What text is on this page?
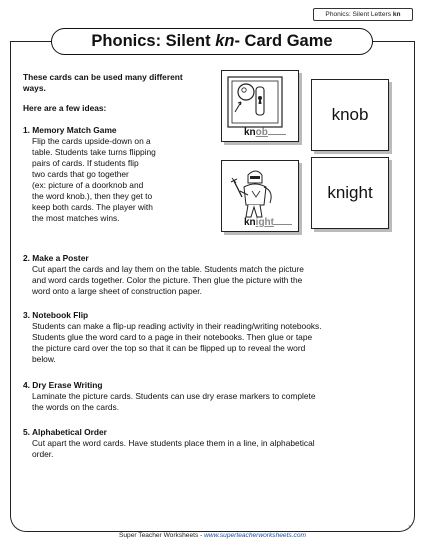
Phonics: Silent Letters kn
Phonics: Silent kn- Card Game
These cards can be used many different ways.
Here are a few ideas:
1. Memory Match Game
Flip the cards upside-down on a
table. Students take turns flipping
pairs of cards. If students flip
two cards that go together
(ex: picture of a doorknob and
the word knob.), then they get to
keep both cards. The player with
the most matches wins.
2. Make a Poster
Cut apart the cards and lay them on the table. Students match the picture
and word cards together. Color the picture. Then glue the picture with the
word onto a large sheet of construction paper.
3. Notebook Flip
Students can make a flip-up reading activity in their reading/writing notebooks.
Students glue the word card to a page in their notebooks. Then glue or tape
the picture card over the top so that it can be flipped up to reveal the word
below.
4. Dry Erase Writing
Laminate the picture cards. Students can use dry erase markers to complete
the words on the cards.
5. Alphabetical Order
Cut apart the word cards. Have students place them in a line, in alphabetical
order.
knob
knob
knight
knight
1
Super Teacher Worksheets - www.superteacherworksheets.com
